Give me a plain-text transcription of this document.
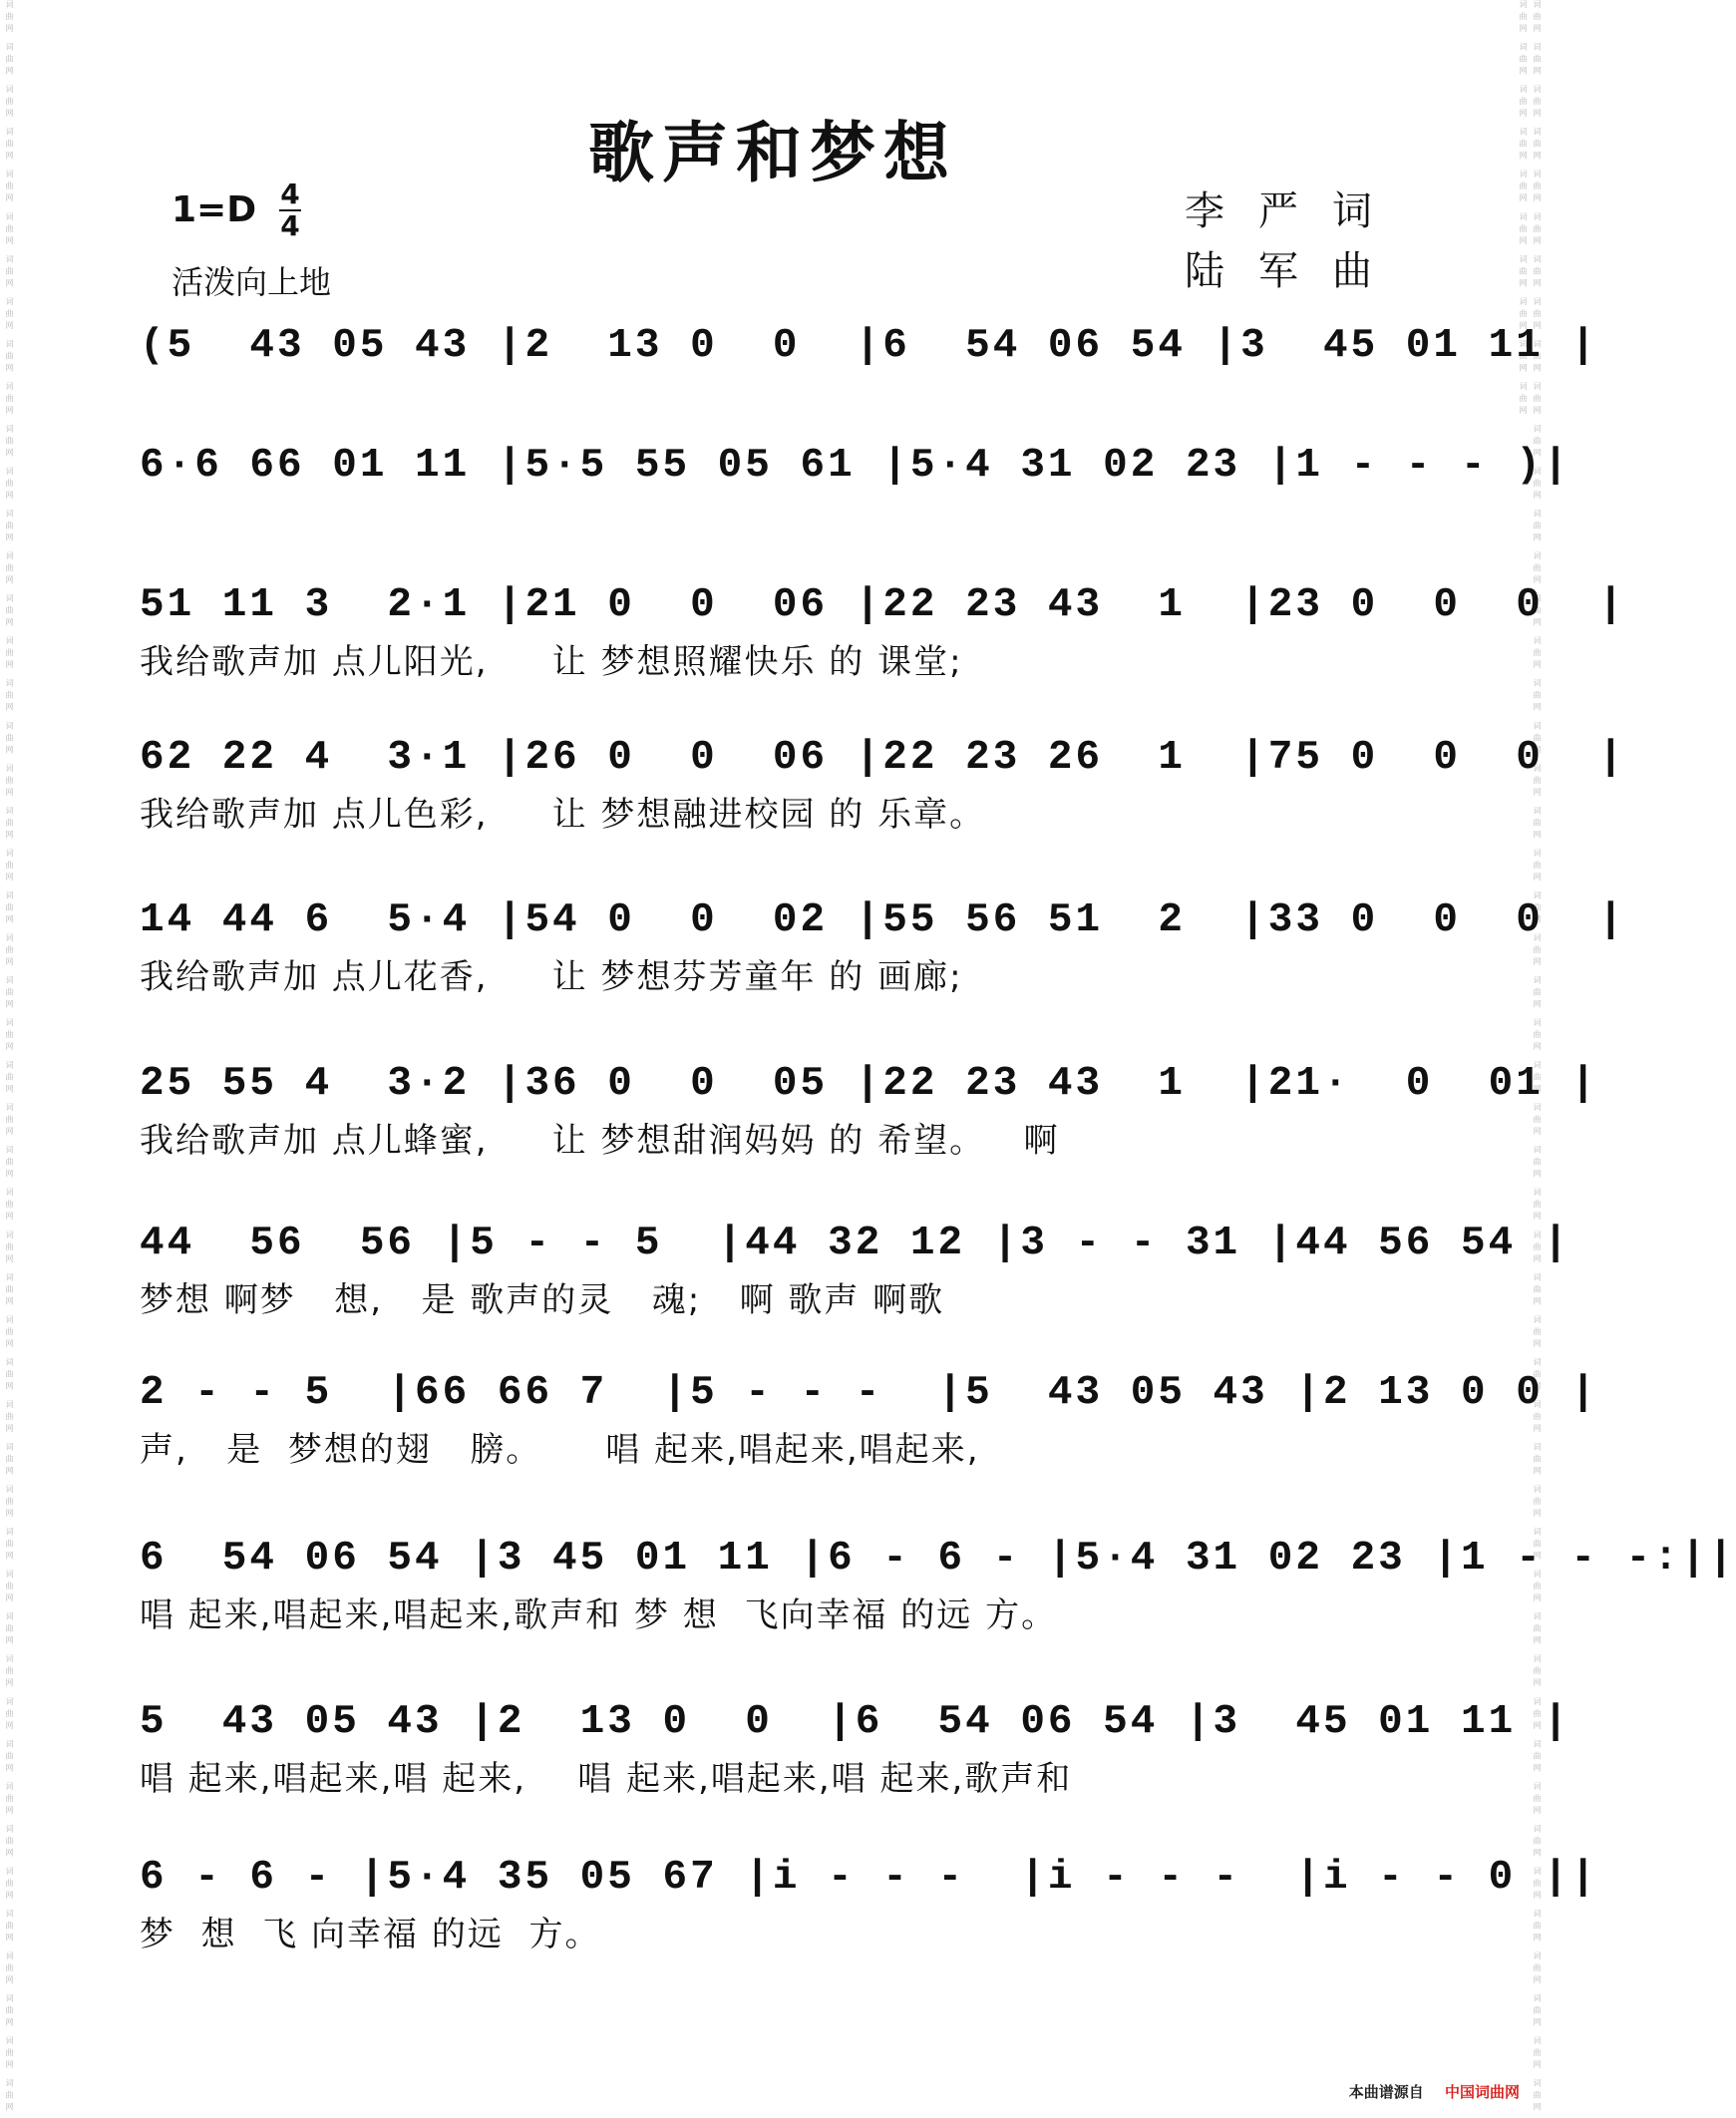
词曲网 词曲网 词曲网 词曲网 词曲网 词曲网 词曲网 词曲网 词曲网 词曲网 词曲网 词曲网 词曲网 词曲网 词曲网 词曲网 词曲网 词曲网 词曲网 词曲网 词曲网 词曲网 词曲网 词曲网 词曲网 词曲网 词曲网 词曲网 词曲网 词曲网 词曲网 词曲网 词曲网 词曲网 词曲网 词曲网 词曲网 词曲网 词曲网 词曲网 词曲网 词曲网 词曲网 词曲网 词曲网 词曲网 词曲网 词曲网 词曲网 词曲网	词曲网 词曲网 词曲网 词曲网 词曲网 词曲网 词曲网 词曲网 词曲网 词曲网 词曲网 词曲网 词曲网 词曲网 词曲网 词曲网 词曲网 词曲网 词曲网 词曲网 词曲网 词曲网 词曲网 词曲网 词曲网 词曲网 词曲网 词曲网 词曲网 词曲网 词曲网 词曲网 词曲网 词曲网 词曲网 词曲网 词曲网 词曲网 词曲网 词曲网 词曲网 词曲网 词曲网 词曲网 词曲网 词曲网 词曲网 词曲网 词曲网 词曲网 词曲网 词曲网 词曲网 词曲网 词曲网 词曲网 词曲网 词曲网 词曲网 词曲网
歌声和梦想
1=D 4
4
活泼向上地
李严词
陆军曲
(5  43 05 43 |2  13 0  0  |6  54 06 54 |3  45 01 11 |
6·6 66 01 11 |5·5 55 05 61 |5·4 31 02 23 |1 - - - )|
51 11 3  2·1 |21 0  0  06 |22 23 43  1  |23 0  0  0  |
我给歌声加 点儿阳光,     让 梦想照耀快乐 的 课堂;
62 22 4  3·1 |26 0  0  06 |22 23 26  1  |75 0  0  0  |
我给歌声加 点儿色彩,     让 梦想融进校园 的 乐章。
14 44 6  5·4 |54 0  0  02 |55 56 51  2  |33 0  0  0  |
我给歌声加 点儿花香,     让 梦想芬芳童年 的 画廊;
25 55 4  3·2 |36 0  0  05 |22 23 43  1  |21·  0  01 |
我给歌声加 点儿蜂蜜,     让 梦想甜润妈妈 的 希望。   啊
44  56  56 |5 - - 5  |44 32 12 |3 - - 31 |44 56 54 |
梦想 啊梦   想,   是 歌声的灵   魂;   啊 歌声 啊歌
2 - - 5  |66 66 7  |5 - - -  |5  43 05 43 |2 13 0 0 |
声,   是  梦想的翅   膀。     唱 起来,唱起来,唱起来,
6  54 06 54 |3 45 01 11 |6 - 6 - |5·4 31 02 23 |1 - - -:||
唱 起来,唱起来,唱起来,歌声和 梦 想  飞向幸福 的远 方。
5  43 05 43 |2  13 0  0  |6  54 06 54 |3  45 01 11 |
唱 起来,唱起来,唱 起来,    唱 起来,唱起来,唱 起来,歌声和
6 - 6 - |5·4 35 05 67 |i - - -  |i - - -  |i - - 0 ||
梦  想  飞 向幸福 的远  方。
本曲谱源自 中国词曲网
